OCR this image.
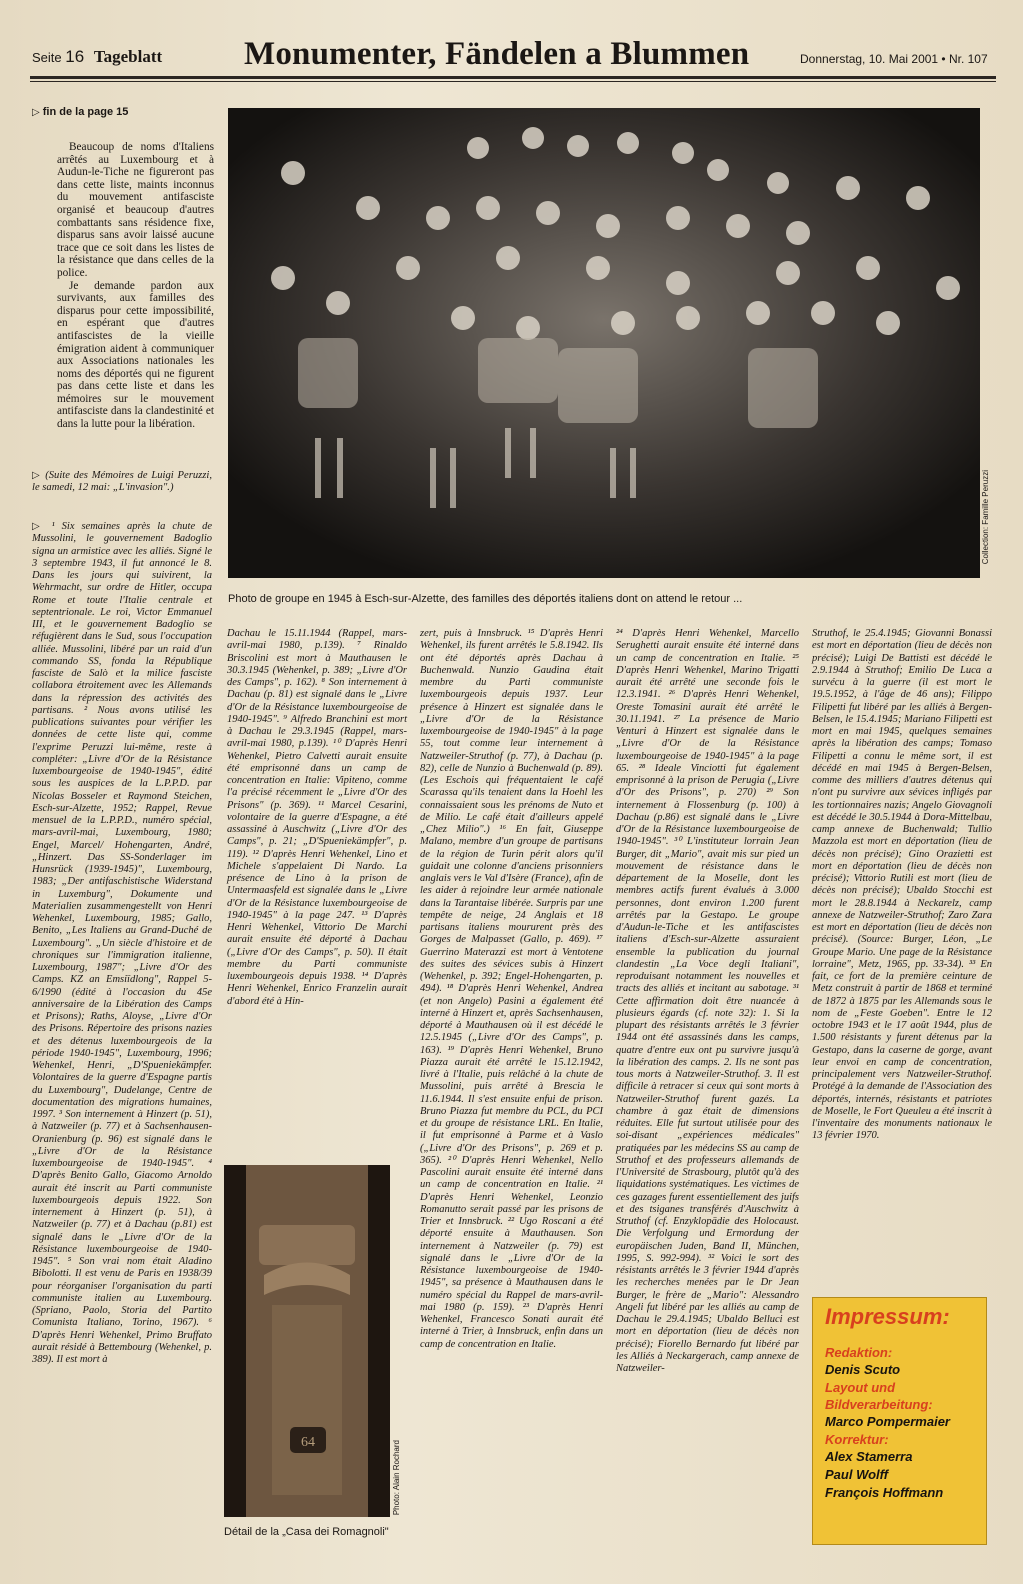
Seite 16 Tageblatt Monumenter, Fändelen a Blummen	Donnerstag, 10. Mai 2001 • Nr. 107
▷ fin de la page 15

Beaucoup de noms d'Italiens arrêtés au Luxembourg et à Audun-le-Tiche ne figureront pas dans cette liste, maints inconnus du mouvement antifasciste organisé et beaucoup d'autres combattants sans résidence fixe, disparus sans avoir laissé aucune trace que ce soit dans les listes de la résistance que dans celles de la police.

Je demande pardon aux survivants, aux familles des disparus pour cette impossibilité, en espérant que d'autres antifascistes de la vieille émigration aident à communiquer aux Associations nationales les noms des déportés qui ne figurent pas dans cette liste et dans les mémoires sur le mouvement antifasciste dans la clandestinité et dans la lutte pour la libération.

▷ (Suite des Mémoires de Luigi Peruzzi, le samedi, 12 mai: „L'invasion".)
▷ ¹ Six semaines après la chute de Mussolini, le gouvernement Badoglio signa un armistice avec les alliés. Signé le 3 septembre 1943, il fut annoncé le 8. Dans les jours qui suivirent, la Wehrmacht, sur ordre de Hitler, occupa Rome et toute l'Italie centrale et septentrionale. Le roi, Victor Emmanuel III, et le gouvernement Badoglio se réfugièrent dans le Sud, sous l'occupation alliée. Mussolini, libéré par un raid d'un commando SS, fonda la République fasciste de Salò et la milice fasciste collabora étroitement avec les Allemands dans la répression des activités des partisans. ² Nous avons utilisé les publications suivantes pour vérifier les données de cette liste qui, comme l'exprime Peruzzi lui-même, reste à compléter: „Livre d'Or de la Résistance luxembourgeoise de 1940-1945", édité sous les auspices de la L.P.P.D. par Nicolas Bosseler et Raymond Steichen, Esch-sur-Alzette, 1952; Rappel, Revue mensuel de la L.P.P.D., numéro spécial, mars-avril-mai, Luxembourg, 1980; Engel, Marcel/ Hohengarten, André, „Hinzert. Das SS-Sonderlager im Hunsrück (1939-1945)", Luxembourg, 1983; „Der antifaschistische Widerstand in Luxemburg", Dokumente und Materialien zusammengestellt von Henri Wehenkel, Luxembourg, 1985; Gallo, Benito, „Les Italiens au Grand-Duché de Luxembourg". „Un siècle d'histoire et de chroniques sur l'immigration italienne, Luxembourg, 1987"; „Livre d'Or des Camps. KZ an Emsiïdlong", Rappel 5-6/1990 (édité à l'occasion du 45e anniversaire de la Libération des Camps et Prisons); Raths, Aloyse, „Livre d'Or des Prisons. Répertoire des prisons nazies et des détenus luxembourgeois de la période 1940-1945", Luxembourg, 1996; Wehenkel, Henri, „D'Spueniekämpfer. Volontaires de la guerre d'Espagne partis du Luxembourg", Dudelange, Centre de documentation des migrations humaines, 1997. ³ Son internement à Hinzert (p. 51), à Natzweiler (p. 77) et à Sachsenhausen-Oranienburg (p. 96) est signalé dans le „Livre d'Or de la Résistance luxembourgeoise de 1940-1945". ⁴ D'après Benito Gallo, Giacomo Arnoldo aurait été inscrit au Parti communiste luxembourgeois depuis 1922. Son internement à Hinzert (p. 51), à Natzweiler (p. 77) et à Dachau (p.81) est signalé dans le „Livre d'Or de la Résistance luxembourgeoise de 1940-1945". ⁵ Son vrai nom était Aladino Bibolotti. Il est venu de Paris en 1938/39 pour réorganiser l'organisation du parti communiste italien au Luxembourg. (Spriano, Paolo, Storia del Partito Comunista Italiano, Torino, 1967). ⁶ D'après Henri Wehenkel, Primo Bruffato aurait résidé à Bettembourg (Wehenkel, p. 389). Il est mort à
Collection: Famille Peruzzi
Photo de groupe en 1945 à Esch-sur-Alzette, des familles des déportés italiens dont on attend le retour ...
Dachau le 15.11.1944 (Rappel, mars-avril-mai 1980, p.139). ⁷ Rinaldo Briscolini est mort à Mauthausen le 30.3.1945 (Wehenkel, p. 389; „Livre d'Or des Camps", p. 162). ⁸ Son internement à Dachau (p. 81) est signalé dans le „Livre d'Or de la Résistance luxembourgeoise de 1940-1945". ⁹ Alfredo Branchini est mort à Dachau le 29.3.1945 (Rappel, mars-avril-mai 1980, p.139). ¹⁰ D'après Henri Wehenkel, Pietro Calvetti aurait ensuite été emprisonné dans un camp de concentration en Italie: Vipiteno, comme l'a précisé récemment le „Livre d'Or des Prisons" (p. 369). ¹¹ Marcel Cesarini, volontaire de la guerre d'Espagne, a été assassiné à Auschwitz („Livre d'Or des Camps", p. 21; „D'Spueniekämpfer", p. 119). ¹² D'après Henri Wehenkel, Lino et Michele s'appelaient Di Nardo. La présence de Lino à la prison de Untermaasfeld est signalée dans le „Livre d'Or de la Résistance luxembourgeoise de 1940-1945" à la page 247. ¹³ D'après Henri Wehenkel, Vittorio De Marchi aurait ensuite été déporté à Dachau („Livre d'Or des Camps", p. 50). Il était membre du Parti communiste luxembourgeois depuis 1938. ¹⁴ D'après Henri Wehenkel, Enrico Franzelin aurait d'abord été à Hin-
64	Photo: Alain Rochard
Détail de la „Casa dei Romagnoli"
zert, puis à Innsbruck. ¹⁵ D'après Henri Wehenkel, ils furent arrêtés le 5.8.1942. Ils ont été déportés après Dachau à Buchenwald. Nunzio Gaudina était membre du Parti communiste luxembourgeois depuis 1937. Leur présence à Hinzert est signalée dans le „Livre d'Or de la Résistance luxembourgeoise de 1940-1945" à la page 55, tout comme leur internement à Natzweiler-Struthof (p. 77), à Dachau (p. 82), celle de Nunzio à Buchenwald (p. 89). (Les Eschois qui fréquentaient le café Scarassa qu'ils tenaient dans la Hoehl les connaissaient sous les prénoms de Nuto et de Milio. Le café était d'ailleurs appelé „Chez Milio".) ¹⁶ En fait, Giuseppe Malano, membre d'un groupe de partisans de la région de Turin périt alors qu'il guidait une colonne d'anciens prisonniers anglais vers le Val d'Isère (France), afin de les aider à rejoindre leur armée nationale dans la Tarantaise libérée. Surpris par une tempête de neige, 24 Anglais et 18 partisans italiens moururent près des Gorges de Malpasset (Gallo, p. 469). ¹⁷ Guerrino Materazzi est mort à Ventotene des suites des sévices subis à Hinzert (Wehenkel, p. 392; Engel-Hohengarten, p. 494). ¹⁸ D'après Henri Wehenkel, Andrea (et non Angelo) Pasini a également été interné à Hinzert et, après Sachsenhausen, déporté à Mauthausen où il est décédé le 12.5.1945 („Livre d'Or des Camps", p. 163). ¹⁹ D'après Henri Wehenkel, Bruno Piazza aurait été arrêté le 15.12.1942, livré à l'Italie, puis relâché à la chute de Mussolini, puis arrêté à Brescia le 11.6.1944. Il s'est ensuite enfui de prison. Bruno Piazza fut membre du PCL, du PCI et du groupe de résistance LRL. En Italie, il fut emprisonné à Parme et à Vaslo („Livre d'Or des Prisons", p. 269 et p. 365). ²⁰ D'après Henri Wehenkel, Nello Pascolini aurait ensuite été interné dans un camp de concentration en Italie. ²¹ D'après Henri Wehenkel, Leonzio Romanutto serait passé par les prisons de Trier et Innsbruck. ²² Ugo Roscani a été déporté ensuite à Mauthausen. Son internement à Natzweiler (p. 79) est signalé dans le „Livre d'Or de la Résistance luxembourgeoise de 1940-1945", sa présence à Mauthausen dans le numéro spécial du Rappel de mars-avril-mai 1980 (p. 159). ²³ D'après Henri Wehenkel, Francesco Sonati aurait été interné à Trier, à Innsbruck, enfin dans un camp de concentration en Italie.
²⁴ D'après Henri Wehenkel, Marcello Serughetti aurait ensuite été interné dans un camp de concentration en Italie. ²⁵ D'après Henri Wehenkel, Marino Trigatti aurait été arrêté une seconde fois le 12.3.1941. ²⁶ D'après Henri Wehenkel, Oreste Tomasini aurait été arrêté le 30.11.1941. ²⁷ La présence de Mario Venturi à Hinzert est signalée dans le „Livre d'Or de la Résistance luxembourgeoise de 1940-1945" à la page 65. ²⁸ Ideale Vinciotti fut également emprisonné à la prison de Perugia („Livre d'Or des Prisons", p. 270) ²⁹ Son internement à Flossenburg (p. 100) à Dachau (p.86) est signalé dans le „Livre d'Or de la Résistance luxembourgeoise de 1940-1945". ³⁰ L'instituteur lorrain Jean Burger, dit „Mario", avait mis sur pied un mouvement de résistance dans le département de la Moselle, dont les membres actifs furent évalués à 3.000 personnes, dont environ 1.200 furent arrêtés par la Gestapo. Le groupe d'Audun-le-Tiche et les antifascistes italiens d'Esch-sur-Alzette assuraient ensemble la publication du journal clandestin „La Voce degli Italiani", reproduisant notamment les nouvelles et tracts des alliés et incitant au sabotage. ³¹ Cette affirmation doit être nuancée à plusieurs égards (cf. note 32): 1. Si la plupart des résistants arrêtés le 3 février 1944 ont été assassinés dans les camps, quatre d'entre eux ont pu survivre jusqu'à la libération des camps. 2. Ils ne sont pas tous morts à Natzweiler-Struthof. 3. Il est difficile à retracer si ceux qui sont morts à Natzweiler-Struthof furent gazés. La chambre à gaz était de dimensions réduites. Elle fut surtout utilisée pour des soi-disant „expériences médicales" pratiquées par les médecins SS au camp de Struthof et des professeurs allemands de l'Université de Strasbourg, plutôt qu'à des liquidations systématiques. Les victimes de ces gazages furent essentiellement des juifs et des tsiganes transférés d'Auschwitz à Struthof (cf. Enzyklopädie des Holocaust. Die Verfolgung und Ermordung der europäischen Juden, Band II, München, 1995, S. 992-994). ³² Voici le sort des résistants arrêtés le 3 février 1944 d'après les recherches menées par le Dr Jean Burger, le frère de „Mario": Alessandro Angeli fut libéré par les alliés au camp de Dachau le 29.4.1945; Ubaldo Belluci est mort en déportation (lieu de décès non précisé); Fiorello Bernardo fut libéré par les Alliés à Neckargerach, camp annexe de Natzweiler-
Struthof, le 25.4.1945; Giovanni Bonassi est mort en déportation (lieu de décès non précisé); Luigi De Battisti est décédé le 2.9.1944 à Struthof; Emilio De Luca a survécu à la guerre (il est mort le 19.5.1952, à l'âge de 46 ans); Filippo Filipetti fut libéré par les alliés à Bergen-Belsen, le 15.4.1945; Mariano Filipetti est mort en mai 1945, quelques semaines après la libération des camps; Tomaso Filipetti a connu le même sort, il est décédé en mai 1945 à Bergen-Belsen, comme des milliers d'autres détenus qui n'ont pu survivre aux sévices infligés par les tortionnaires nazis; Angelo Giovagnoli est décédé le 30.5.1944 à Dora-Mittelbau, camp annexe de Buchenwald; Tullio Mazzola est mort en déportation (lieu de décès non précisé); Gino Orazietti est mort en déportation (lieu de décès non précisé); Vittorio Rutili est mort (lieu de décès non précisé); Ubaldo Stocchi est mort le 28.8.1944 à Neckarelz, camp annexe de Natzweiler-Struthof; Zaro Zara est mort en déportation (lieu de décès non précisé). (Source: Burger, Léon, „Le Groupe Mario. Une page de la Résistance lorraine", Metz, 1965, pp. 33-34). ³³ En fait, ce fort de la première ceinture de Metz construit à partir de 1868 et terminé de 1872 à 1875 par les Allemands sous le nom de „Feste Goeben". Entre le 12 octobre 1943 et le 17 août 1944, plus de 1.500 résistants y furent détenus par la Gestapo, dans la caserne de gorge, avant leur envoi en camp de concentration, principalement vers Natzweiler-Struthof. Protégé à la demande de l'Association des déportés, internés, résistants et patriotes de Moselle, le Fort Queuleu a été inscrit à l'inventaire des monuments nationaux le 13 février 1970.
Impressum:
Redaktion:
Denis Scuto
Layout und
Bildverarbeitung:
Marco Pompermaier
Korrektur:
Alex Stamerra
Paul Wolff
François Hoffmann
